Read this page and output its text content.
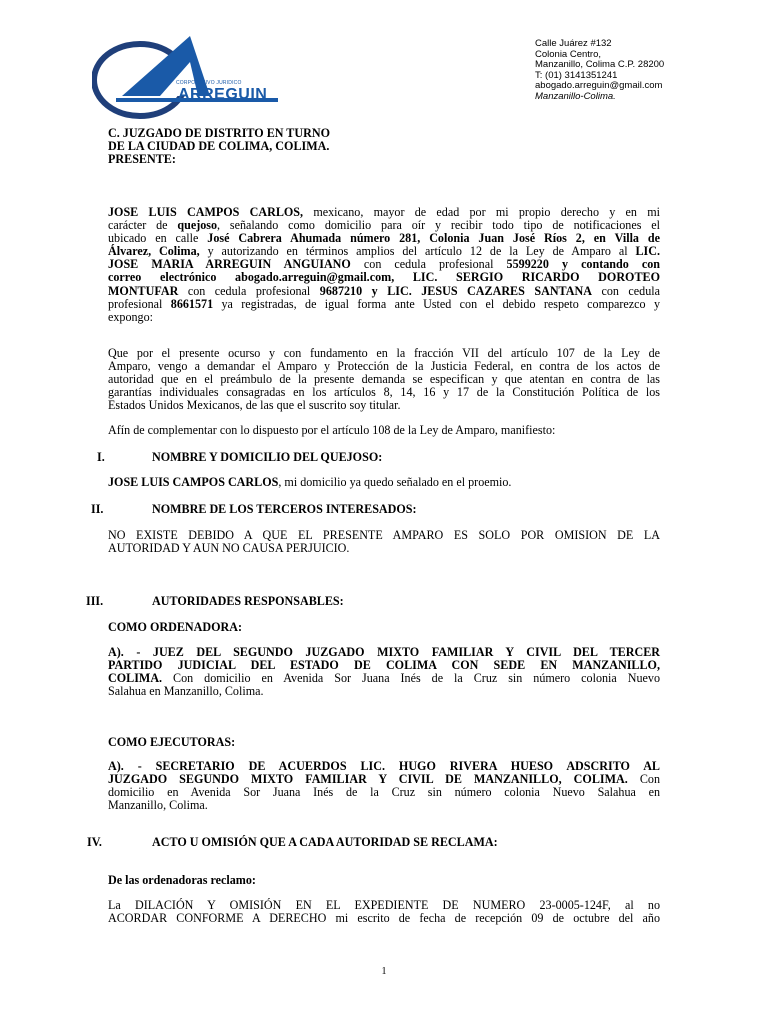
CORPORATIVO JURIDICO
ARREGUIN
Calle Juárez #132
Colonia Centro,
Manzanillo, Colima C.P. 28200
T: (01) 3141351241
abogado.arreguin@gmail.com
Manzanillo-Colima.
C. JUZGADO DE DISTRITO EN TURNO
DE LA CIUDAD DE COLIMA, COLIMA.
PRESENTE:
JOSE LUIS CAMPOS CARLOS, mexicano, mayor de edad por mi propio derecho y en mi
carácter de quejoso, señalando como domicilio para oír y recibir todo tipo de notificaciones el
ubicado en calle José Cabrera Ahumada número 281, Colonia Juan José Ríos 2, en Villa de
Álvarez, Colima, y autorizando en términos amplios del artículo 12 de la Ley de Amparo al LIC.
JOSE MARIA ARREGUIN ANGUIANO con cedula profesional 5599220 y contando con
correo electrónico abogado.arreguin@gmail.com, LIC. SERGIO RICARDO DOROTEO
MONTUFAR con cedula profesional 9687210 y LIC. JESUS CAZARES SANTANA con cedula
profesional 8661571 ya registradas, de igual forma ante Usted con el debido respeto comparezco y
expongo:
Que por el presente ocurso y con fundamento en la fracción VII del artículo 107 de la Ley de
Amparo, vengo a demandar el Amparo y Protección de la Justicia Federal, en contra de los actos de
autoridad que en el preámbulo de la presente demanda se especifican y que atentan en contra de las
garantías individuales consagradas en los artículos 8, 14, 16 y 17 de la Constitución Política de los
Estados Unidos Mexicanos, de las que el suscrito soy titular.
Afín de complementar con lo dispuesto por el artículo 108 de la Ley de Amparo, manifiesto:
I.	NOMBRE Y DOMICILIO DEL QUEJOSO:
JOSE LUIS CAMPOS CARLOS, mi domicilio ya quedo señalado en el proemio.
II.	NOMBRE DE LOS TERCEROS INTERESADOS:
NO EXISTE DEBIDO A QUE EL PRESENTE AMPARO ES SOLO POR OMISION DE LA
AUTORIDAD Y AUN NO CAUSA PERJUICIO.
III.	AUTORIDADES RESPONSABLES:
COMO ORDENADORA:
A). - JUEZ DEL SEGUNDO JUZGADO MIXTO FAMILIAR Y CIVIL DEL TERCER
PARTIDO JUDICIAL DEL ESTADO DE COLIMA CON SEDE EN MANZANILLO,
COLIMA. Con domicilio en Avenida Sor Juana Inés de la Cruz sin número colonia Nuevo
Salahua en Manzanillo, Colima.
COMO EJECUTORAS:
A). - SECRETARIO DE ACUERDOS LIC. HUGO RIVERA HUESO ADSCRITO AL
JUZGADO SEGUNDO MIXTO FAMILIAR Y CIVIL DE MANZANILLO, COLIMA. Con
domicilio en Avenida Sor Juana Inés de la Cruz sin número colonia Nuevo Salahua en
Manzanillo, Colima.
IV.	ACTO U OMISIÓN QUE A CADA AUTORIDAD SE RECLAMA:
De las ordenadoras reclamo:
La DILACIÓN Y OMISIÓN EN EL EXPEDIENTE DE NUMERO 23-0005-124F, al no
ACORDAR CONFORME A DERECHO mi escrito de fecha de recepción 09 de octubre del año
1
